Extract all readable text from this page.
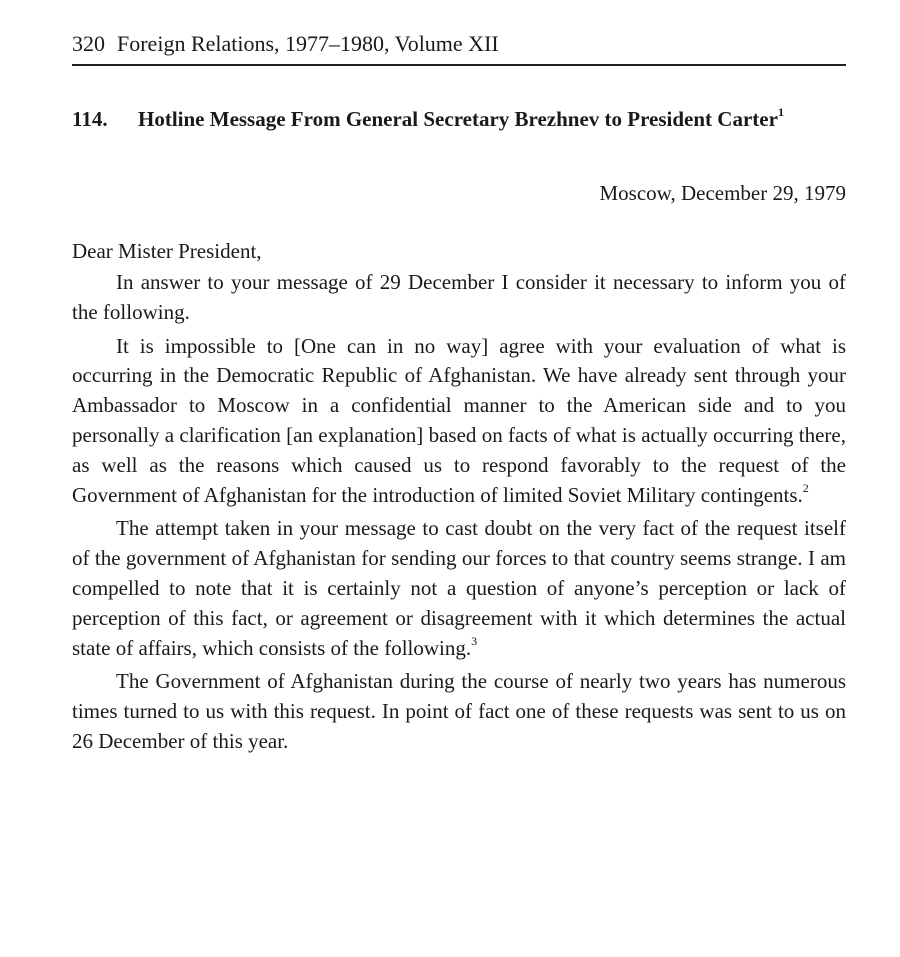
320 Foreign Relations, 1977–1980, Volume XII
114.	Hotline Message From General Secretary Brezhnev to President Carter$^1$
Moscow, December 29, 1979
Dear Mister President,

In answer to your message of 29 December I consider it necessary to inform you of the following.

It is impossible to [One can in no way] agree with your evaluation of what is occurring in the Democratic Republic of Afghanistan. We have already sent through your Ambassador to Moscow in a confidential manner to the American side and to you personally a clarification [an explanation] based on facts of what is actually occurring there, as well as the reasons which caused us to respond favorably to the request of the Government of Afghanistan for the introduction of limited Soviet Military contingents.$^2$

The attempt taken in your message to cast doubt on the very fact of the request itself of the government of Afghanistan for sending our forces to that country seems strange. I am compelled to note that it is certainly not a question of anyone’s perception or lack of perception of this fact, or agreement or disagreement with it which determines the actual state of affairs, which consists of the following.$^3$

The Government of Afghanistan during the course of nearly two years has numerous times turned to us with this request. In point of fact one of these requests was sent to us on 26 December of this year.
